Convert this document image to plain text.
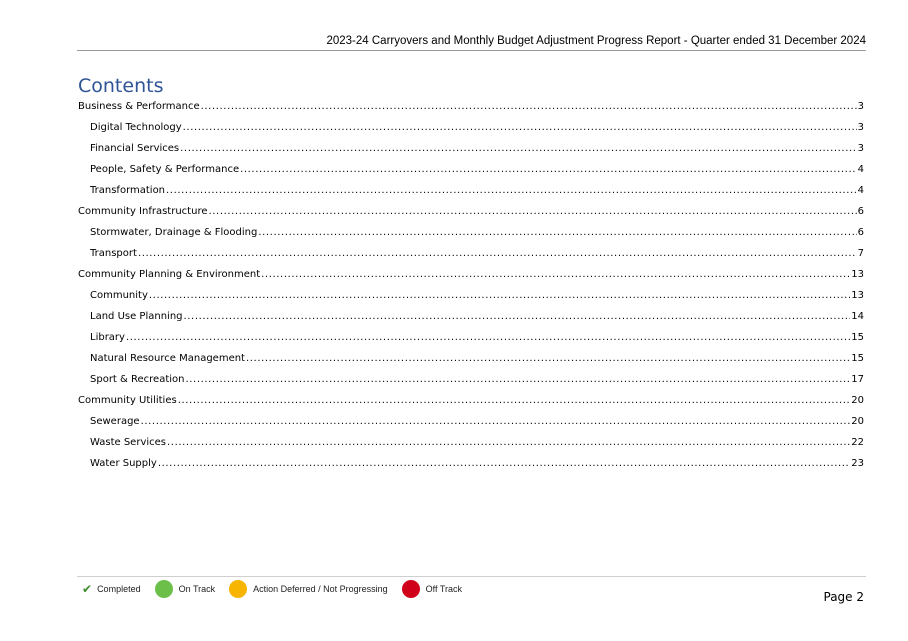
2023-24 Carryovers and Monthly Budget Adjustment Progress Report - Quarter ended 31 December 2024
Contents
Business & Performance .....	3
Digital Technology .....	3
Financial Services .....	3
People, Safety & Performance .....	4
Transformation .....	4
Community Infrastructure .....	6
Stormwater, Drainage & Flooding .....	6
Transport .....	7
Community Planning & Environment .....	13
Community .....	13
Land Use Planning .....	14
Library .....	15
Natural Resource Management .....	15
Sport & Recreation .....	17
Community Utilities .....	20
Sewerage .....	20
Waste Services .....	22
Water Supply .....	23
✔ Completed	On Track	Action Deferred / Not Progressing	Off Track
Page 2
